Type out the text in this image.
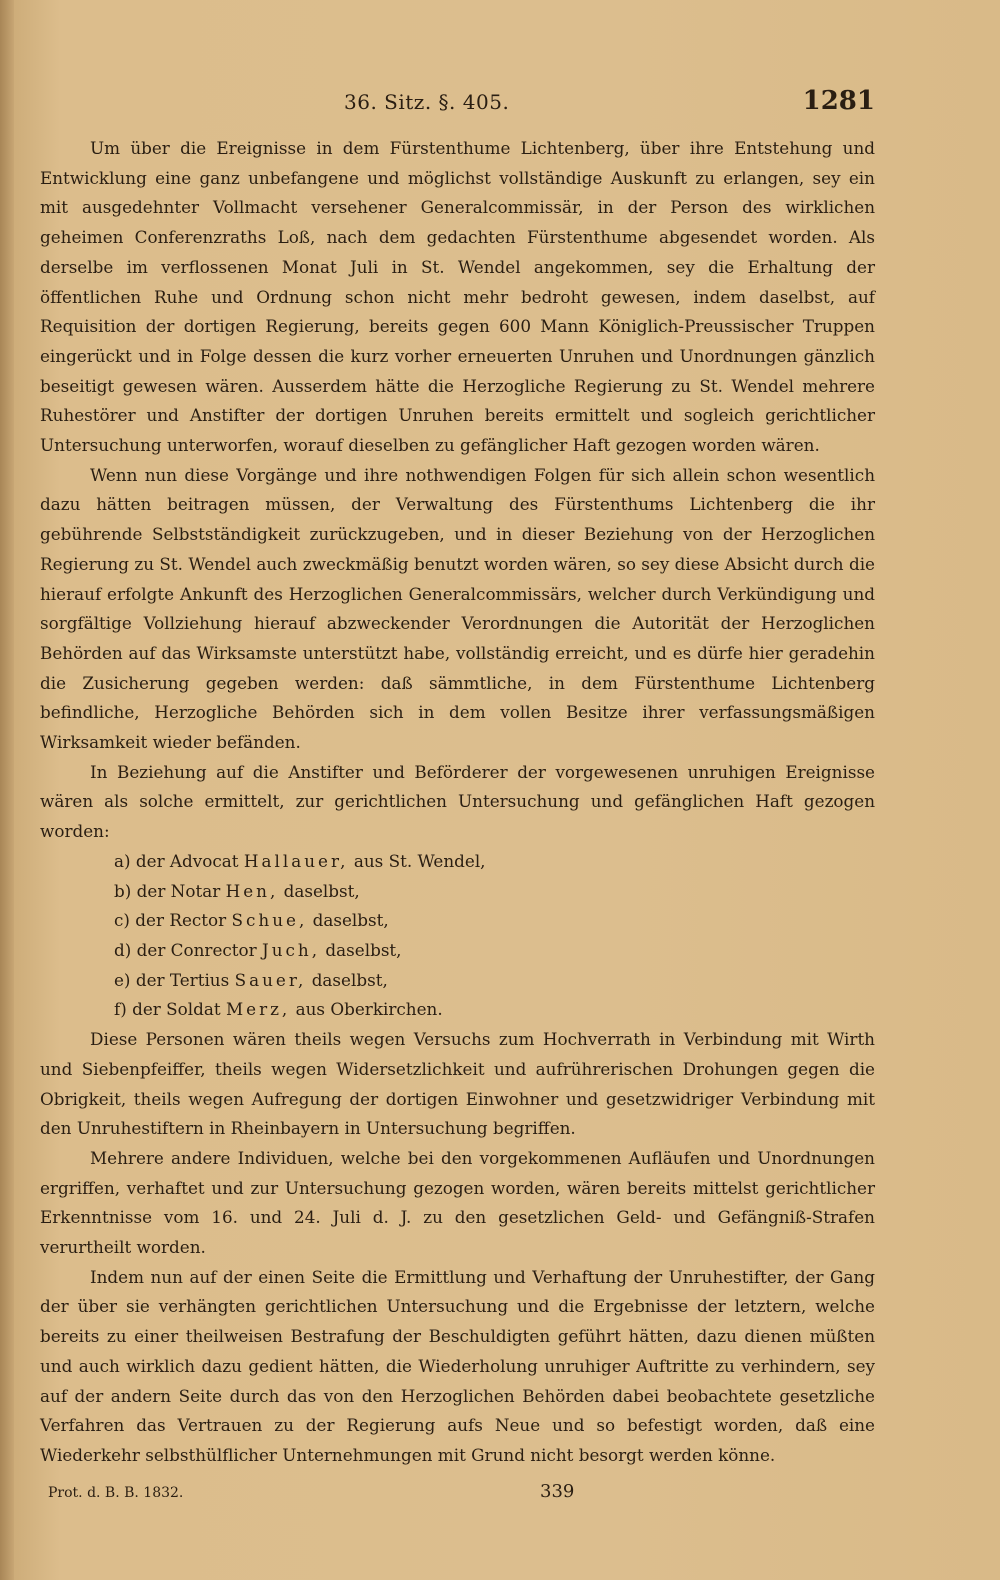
36. Sitz. §. 405.	1281

Um über die Ereignisse in dem Fürstenthume Lichtenberg, über ihre Entstehung und Entwicklung eine ganz unbefangene und möglichst vollständige Auskunft zu erlangen, sey ein mit ausgedehnter Vollmacht versehener Generalcommissär, in der Person des wirklichen geheimen Conferenzraths Loß, nach dem gedachten Fürstenthume abgesendet worden. Als derselbe im verflossenen Monat Juli in St. Wendel angekommen, sey die Erhaltung der öffentlichen Ruhe und Ordnung schon nicht mehr bedroht gewesen, indem daselbst, auf Requisition der dortigen Regierung, bereits gegen 600 Mann Königlich-Preussischer Truppen eingerückt und in Folge dessen die kurz vorher erneuerten Unruhen und Unordnungen gänzlich beseitigt gewesen wären. Ausserdem hätte die Herzogliche Regierung zu St. Wendel mehrere Ruhestörer und Anstifter der dortigen Unruhen bereits ermittelt und sogleich gerichtlicher Untersuchung unterworfen, worauf dieselben zu gefänglicher Haft gezogen worden wären.

Wenn nun diese Vorgänge und ihre nothwendigen Folgen für sich allein schon wesentlich dazu hätten beitragen müssen, der Verwaltung des Fürstenthums Lichtenberg die ihr gebührende Selbstständigkeit zurückzugeben, und in dieser Beziehung von der Herzoglichen Regierung zu St. Wendel auch zweckmäßig benutzt worden wären, so sey diese Absicht durch die hierauf erfolgte Ankunft des Herzoglichen Generalcommissärs, welcher durch Verkündigung und sorgfältige Vollziehung hierauf abzweckender Verordnungen die Autorität der Herzoglichen Behörden auf das Wirksamste unterstützt habe, vollständig erreicht, und es dürfe hier geradehin die Zusicherung gegeben werden: daß sämmtliche, in dem Fürstenthume Lichtenberg befindliche, Herzogliche Behörden sich in dem vollen Besitze ihrer verfassungsmäßigen Wirksamkeit wieder befänden.

In Beziehung auf die Anstifter und Beförderer der vorgewesenen unruhigen Ereignisse wären als solche ermittelt, zur gerichtlichen Untersuchung und gefänglichen Haft gezogen worden:

a) der Advocat Hallauer, aus St. Wendel,

b) der Notar Hen, daselbst,

c) der Rector Schue, daselbst,

d) der Conrector Juch, daselbst,

e) der Tertius Sauer, daselbst,

f) der Soldat Merz, aus Oberkirchen.

Diese Personen wären theils wegen Versuchs zum Hochverrath in Verbindung mit Wirth und Siebenpfeiffer, theils wegen Widersetzlichkeit und aufrührerischen Drohungen gegen die Obrigkeit, theils wegen Aufregung der dortigen Einwohner und gesetzwidriger Verbindung mit den Unruhestiftern in Rheinbayern in Untersuchung begriffen.

Mehrere andere Individuen, welche bei den vorgekommenen Aufläufen und Unordnungen ergriffen, verhaftet und zur Untersuchung gezogen worden, wären bereits mittelst gerichtlicher Erkenntnisse vom 16. und 24. Juli d. J. zu den gesetzlichen Geld- und Gefängniß-Strafen verurtheilt worden.

Indem nun auf der einen Seite die Ermittlung und Verhaftung der Unruhestifter, der Gang der über sie verhängten gerichtlichen Untersuchung und die Ergebnisse der letztern, welche bereits zu einer theilweisen Bestrafung der Beschuldigten geführt hätten, dazu dienen müßten und auch wirklich dazu gedient hätten, die Wiederholung unruhiger Auftritte zu verhindern, sey auf der andern Seite durch das von den Herzoglichen Behörden dabei beobachtete gesetzliche Verfahren das Vertrauen zu der Regierung aufs Neue und so befestigt worden, daß eine Wiederkehr selbsthülflicher Unternehmungen mit Grund nicht besorgt werden könne.

Prot. d. B. B. 1832.	339
